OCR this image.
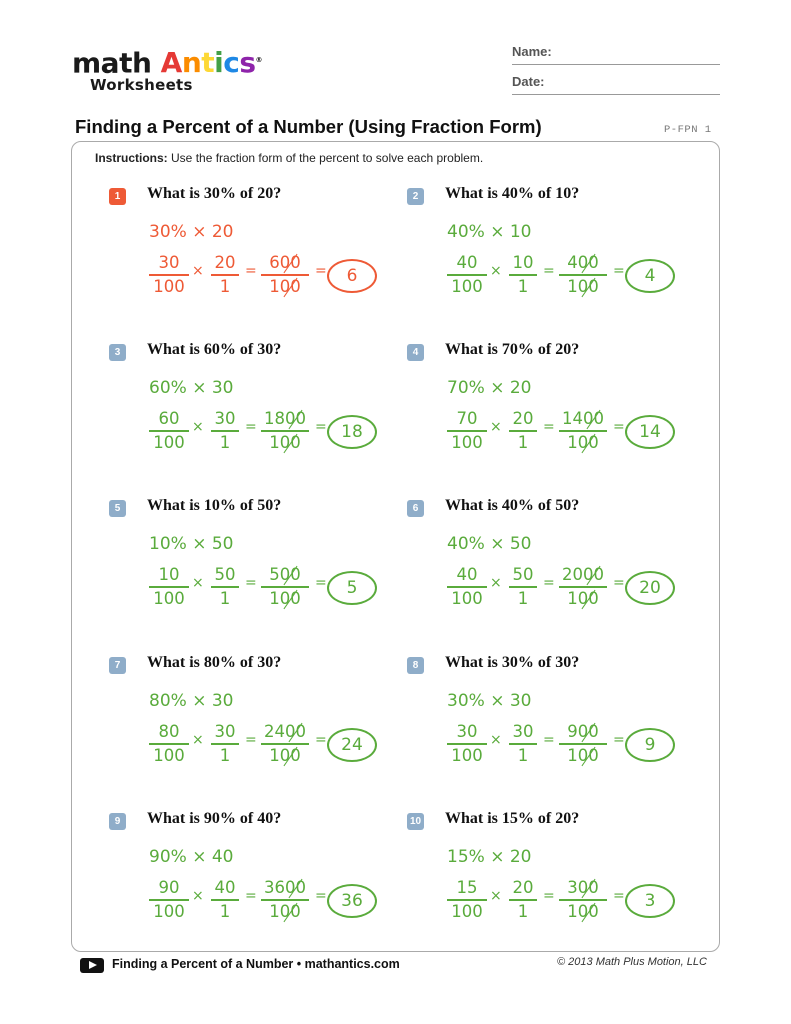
math Antics®
Worksheets
Name:
Date:
Finding a Percent of a Number (Using Fraction Form)	P-FPN 1
Instructions: Use the fraction form of the percent to solve each problem.
1	What is 30% of 20?
30% × 20
$\frac{30}{100} \times \frac{20}{1} = \frac{600}{100}$ =	6
2	What is 40% of 10?
40% × 10
$\frac{40}{100} \times \frac{10}{1} = \frac{400}{100}$ =	4
3	What is 60% of 30?
60% × 30
$\frac{60}{100} \times \frac{30}{1} = \frac{1800}{100} = 18$
4	What is 70% of 20?
70% × 20
$\frac{70}{100} \times \frac{20}{1} = \frac{1400}{100} = 14$
5	What is 10% of 50?
10% × 50
$\frac{10}{100} \times \frac{50}{1} = \frac{500}{100}$ =	5
6	What is 40% of 50?
40% × 50
$\frac{40}{100} \times \frac{50}{1} = \frac{2000}{100} = 20$
7	What is 80% of 30?
80% × 30
$\frac{80}{100} \times \frac{30}{1} = \frac{2400}{100} = 24$
8	What is 30% of 30?
30% × 30
$\frac{30}{100} \times \frac{30}{1} = \frac{900}{100}$ =	9
9	What is 90% of 40?
90% × 40
$\frac{90}{100} \times \frac{40}{1} = \frac{3600}{100} = 36$
10 What is 15% of 20?
15% × 20
$\frac{15}{100} \times \frac{20}{1} = \frac{300}{100}$ =	3
Finding a Percent of a Number • mathantics.com	© 2013 Math Plus Motion, LLC
